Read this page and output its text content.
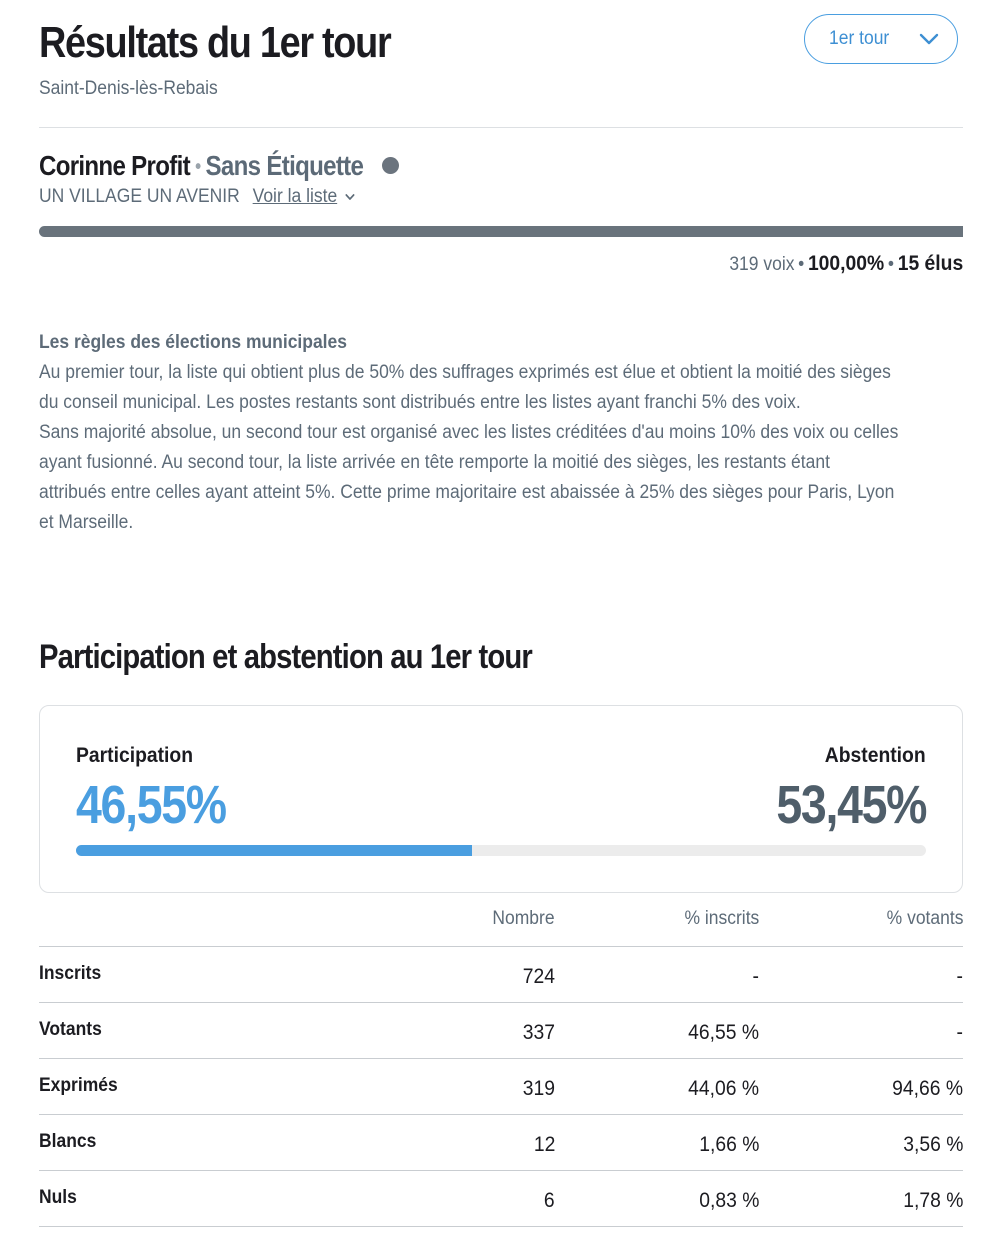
Résultats du 1er tour
Saint-Denis-lès-Rebais
1er tour
Corinne Profit • Sans Étiquette
UN VILLAGE UN AVENIR Voir la liste
319 voix • 100,00% • 15 élus
Les règles des élections municipales
Au premier tour, la liste qui obtient plus de 50% des suffrages exprimés est élue et obtient la moitié des sièges
du conseil municipal. Les postes restants sont distribués entre les listes ayant franchi 5% des voix.
Sans majorité absolue, un second tour est organisé avec les listes créditées d'au moins 10% des voix ou celles
ayant fusionné. Au second tour, la liste arrivée en tête remporte la moitié des sièges, les restants étant
attribués entre celles ayant atteint 5%. Cette prime majoritaire est abaissée à 25% des sièges pour Paris, Lyon
et Marseille.
Participation et abstention au 1er tour
Participation	Abstention
46,55%	53,45%
Nombre	% inscrits	% votants
Inscrits	724	-	-
Votants	337	46,55 %	-
Exprimés	319	44,06 %	94,66 %
Blancs	12	1,66 %	3,56 %
Nuls	6	0,83 %	1,78 %
